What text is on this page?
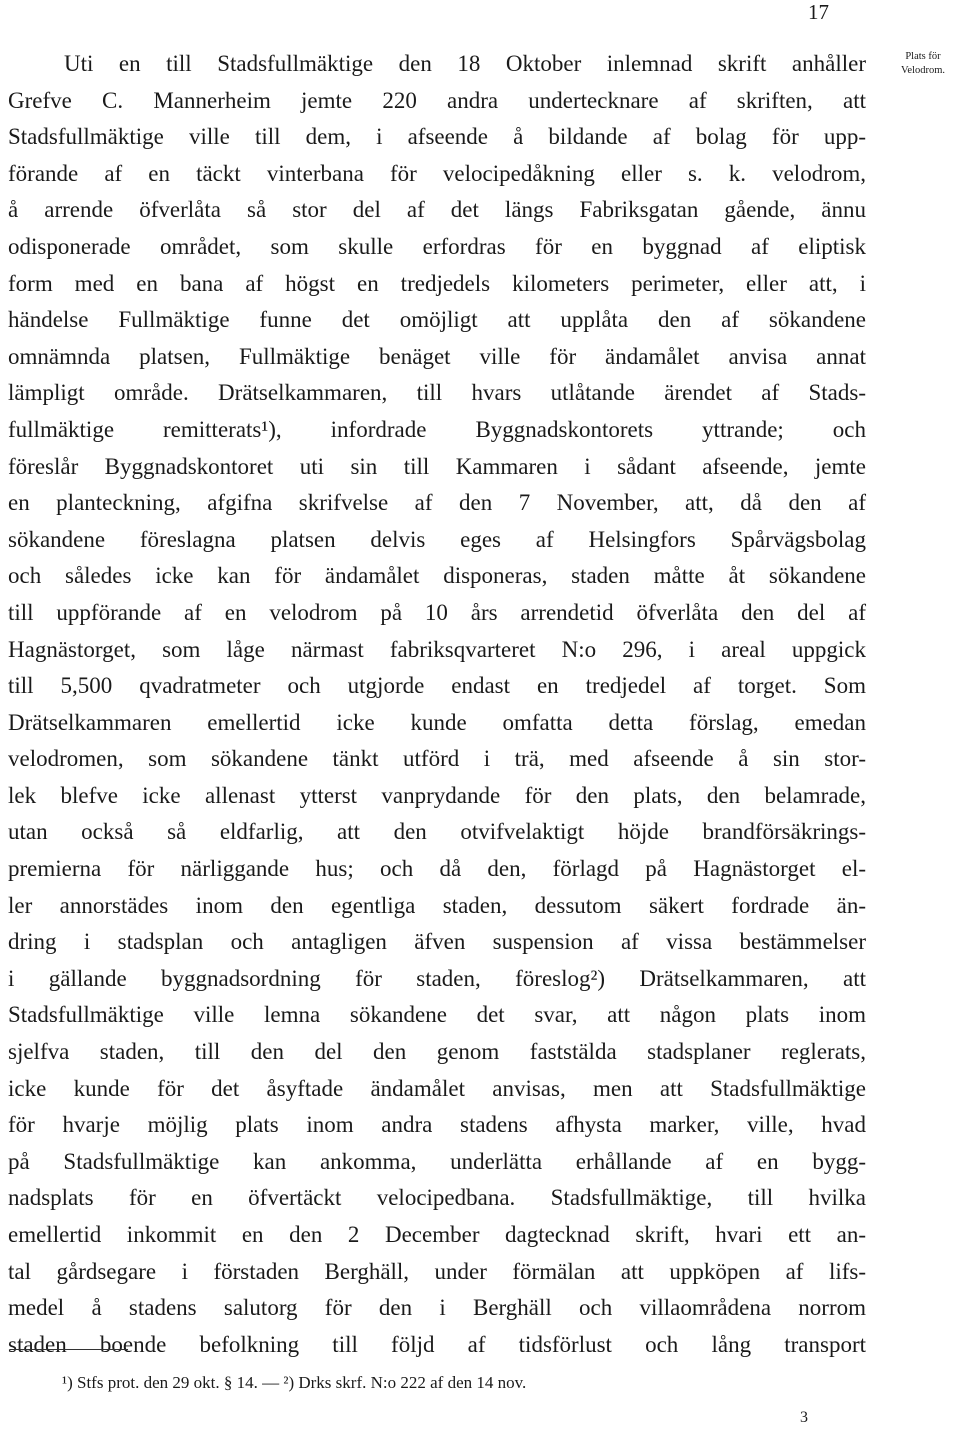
17
Plats för
Velodrom.
Uti en till Stadsfullmäktige den 18 Oktober inlemnad skrift anhåller
Grefve C. Mannerheim jemte 220 andra undertecknare af skriften, att
Stadsfullmäktige ville till dem, i afseende å bildande af bolag för upp-
förande af en täckt vinterbana för velocipedåkning eller s. k. velodrom,
å arrende öfverlåta så stor del af det längs Fabriksgatan gående, ännu
odisponerade området, som skulle erfordras för en byggnad af eliptisk
form med en bana af högst en tredjedels kilometers perimeter, eller att, i
händelse Fullmäktige funne det omöjligt att upplåta den af sökandene
omnämnda platsen, Fullmäktige benäget ville för ändamålet anvisa annat
lämpligt område. Drätselkammaren, till hvars utlåtande ärendet af Stads-
fullmäktige remitterats¹), infordrade Byggnadskontorets yttrande; och
föreslår Byggnadskontoret uti sin till Kammaren i sådant afseende, jemte
en planteckning, afgifna skrifvelse af den 7 November, att, då den af
sökandene föreslagna platsen delvis eges af Helsingfors Spårvägsbolag
och således icke kan för ändamålet disponeras, staden måtte åt sökandene
till uppförande af en velodrom på 10 års arrendetid öfverlåta den del af
Hagnästorget, som låge närmast fabriksqvarteret N:o 296, i areal uppgick
till 5,500 qvadratmeter och utgjorde endast en tredjedel af torget. Som
Drätselkammaren emellertid icke kunde omfatta detta förslag, emedan
velodromen, som sökandene tänkt utförd i trä, med afseende å sin stor-
lek blefve icke allenast ytterst vanprydande för den plats, den belamrade,
utan också så eldfarlig, att den otvifvelaktigt höjde brandförsäkrings-
premierna för närliggande hus; och då den, förlagd på Hagnästorget el-
ler annorstädes inom den egentliga staden, dessutom säkert fordrade än-
dring i stadsplan och antagligen äfven suspension af vissa bestämmelser
i gällande byggnadsordning för staden, föreslog²) Drätselkammaren, att
Stadsfullmäktige ville lemna sökandene det svar, att någon plats inom
sjelfva staden, till den del den genom faststälda stadsplaner reglerats,
icke kunde för det åsyftade ändamålet anvisas, men att Stadsfullmäktige
för hvarje möjlig plats inom andra stadens afhysta marker, ville, hvad
på Stadsfullmäktige kan ankomma, underlätta erhållande af en bygg-
nadsplats för en öfvertäckt velocipedbana. Stadsfullmäktige, till hvilka
emellertid inkommit en den 2 December dagtecknad skrift, hvari ett an-
tal gårdsegare i förstaden Berghäll, under förmälan att uppköpen af lifs-
medel å stadens salutorg för den i Berghäll och villaområdena norrom
staden boende befolkning till följd af tidsförlust och lång transport
¹) Stfs prot. den 29 okt. § 14. — ²) Drks skrf. N:o 222 af den 14 nov.
3
